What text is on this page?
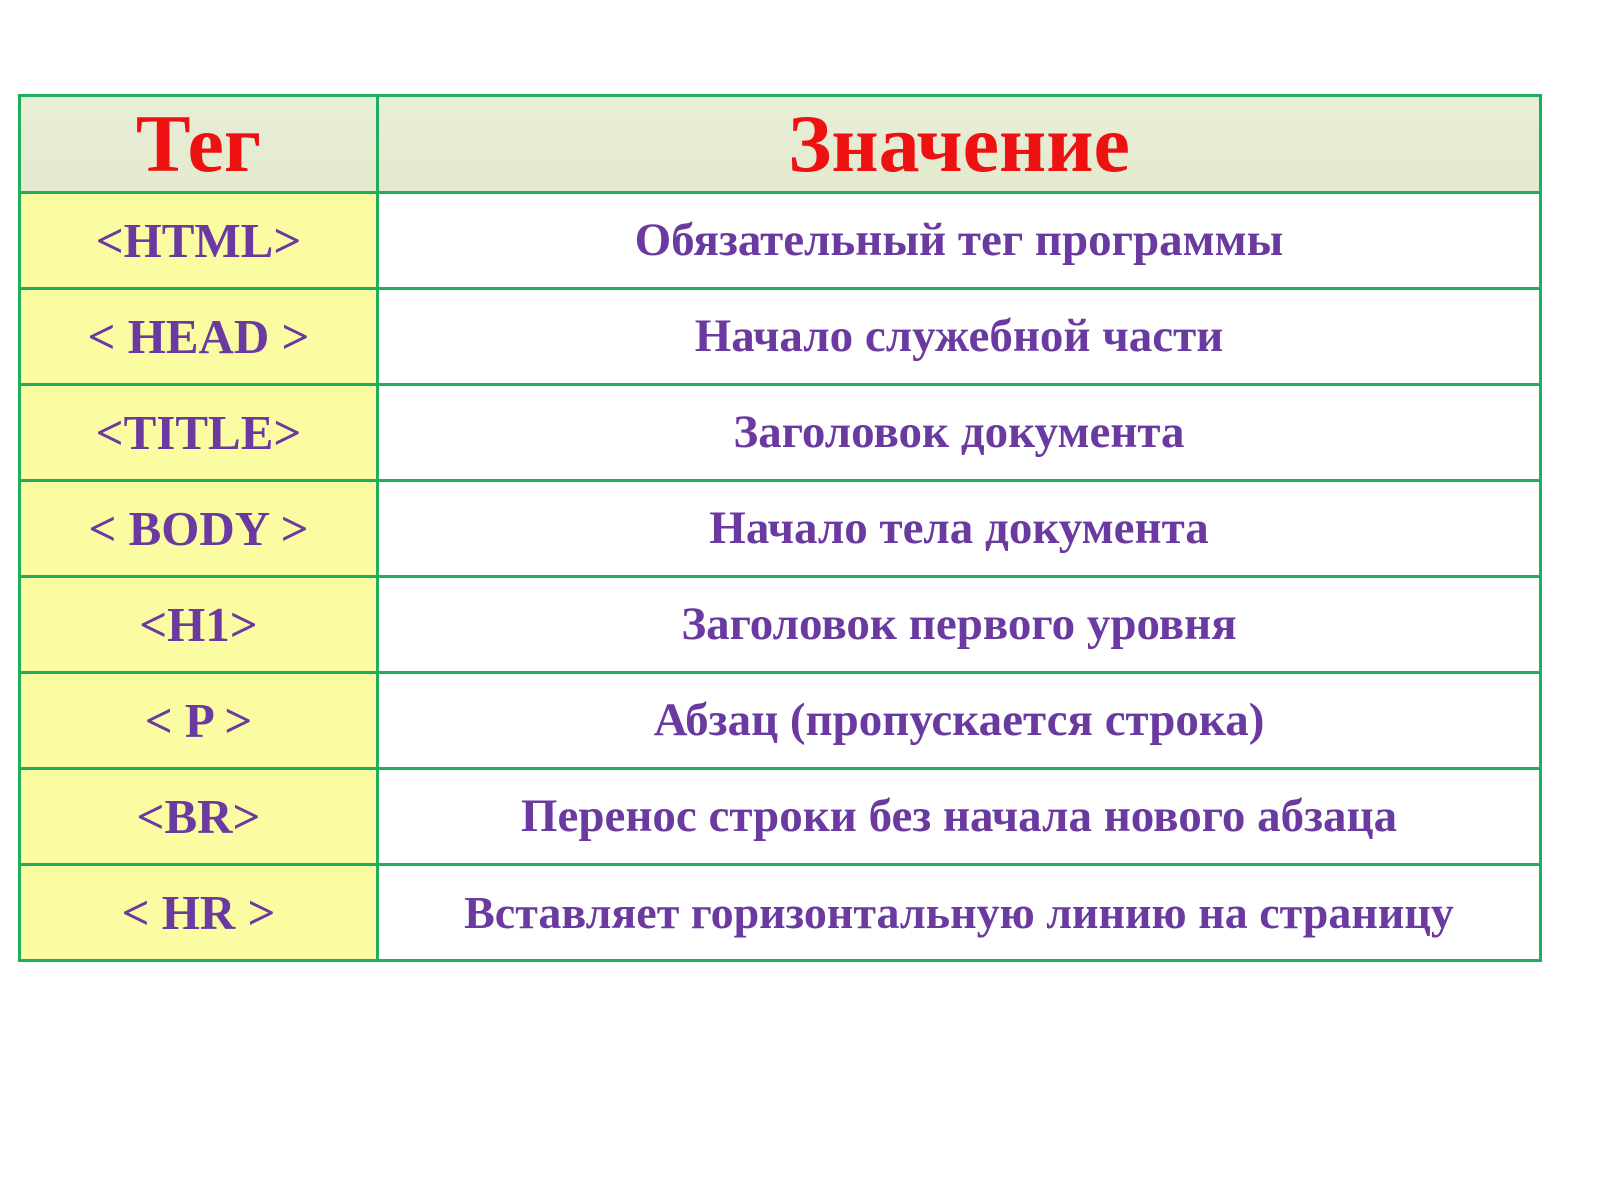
Тег	Значение
<HTML>	Обязательный тег программы
< HEAD >	Начало служебной части
<TITLE>	Заголовок документа
< BODY >	Начало тела документа
<H1>	Заголовок первого уровня
< P >	Абзац (пропускается строка)
<BR>	Перенос строки без начала нового абзаца
< HR >	Вставляет горизонтальную линию на страницу
